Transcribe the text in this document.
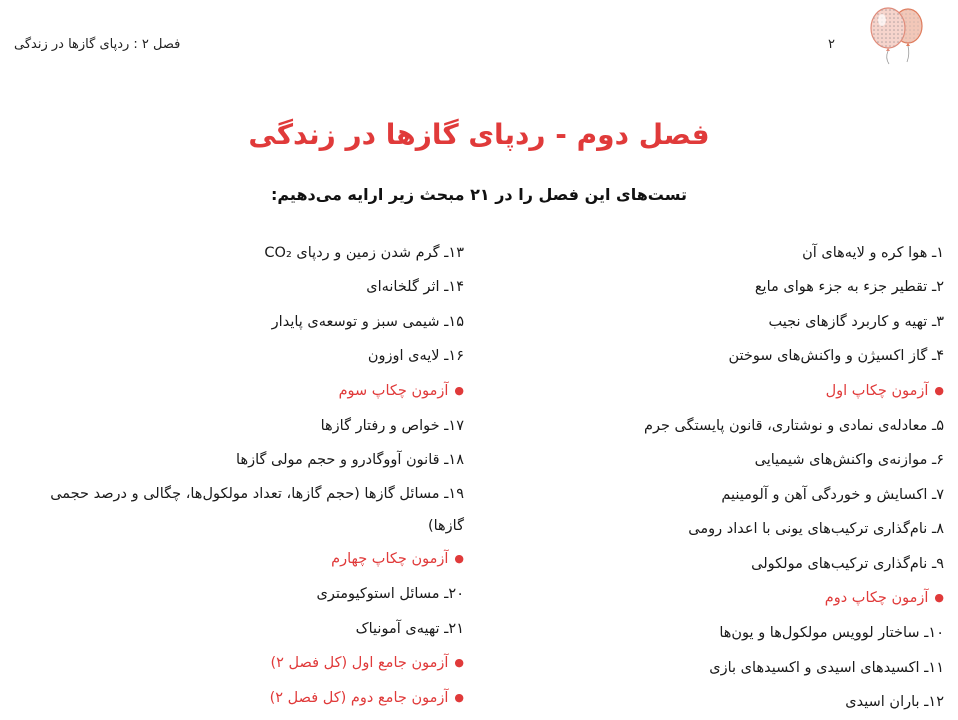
فصل ۲ : ردپای گازها در زندگی	۲
فصل دوم - ردپای گازها در زندگی
تست‌های این فصل را در ۲۱ مبحث زیر ارایه می‌دهیم:
۱ـ هوا کره و لایه‌های آن
۲ـ تقطیر جزء به جزء هوای مایع
۳ـ تهیه و کاربرد گازهای نجیب
۴ـ گاز اکسیژن و واکنش‌های سوختن
● آزمون چکاپ اول
۵ـ معادله‌ی نمادی و نوشتاری، قانون پایستگی جرم
۶ـ موازنه‌ی واکنش‌های شیمیایی
۷ـ اکسایش و خوردگی آهن و آلومینیم
۸ـ نام‌گذاری ترکیب‌های یونی با اعداد رومی
۹ـ نام‌گذاری ترکیب‌های مولکولی
● آزمون چکاپ دوم
۱۰ـ ساختار لوویس مولکول‌ها و یون‌ها
۱۱ـ اکسیدهای اسیدی و اکسیدهای بازی
۱۲ـ باران اسیدی
۱۳ـ گرم شدن زمین و ردپای CO₂
۱۴ـ اثر گلخانه‌ای
۱۵ـ شیمی سبز و توسعه‌ی پایدار
۱۶ـ لایه‌ی اوزون
● آزمون چکاپ سوم
۱۷ـ خواص و رفتار گازها
۱۸ـ قانون آووگادرو و حجم مولی گازها
۱۹ـ مسائل گازها (حجم گازها، تعداد مولکول‌ها، چگالی و درصد حجمی گازها)
● آزمون چکاپ چهارم
۲۰ـ مسائل استوکیومتری
۲۱ـ تهیه‌ی آمونیاک
● آزمون جامع اول (کل فصل ۲)
● آزمون جامع دوم (کل فصل ۲)
